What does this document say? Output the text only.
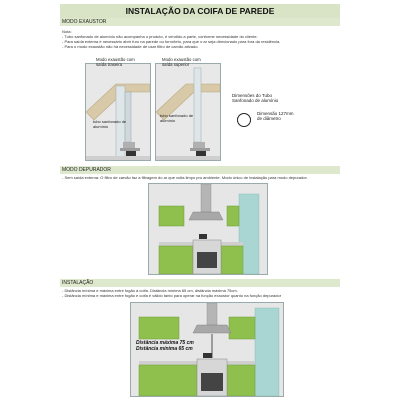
INSTALAÇÃO DA COIFA DE PAREDE
MODO EXAUSTOR
Nota:
- Tubo sanfonado de alumínio não acompanha o produto, é vendido a parte, conforme necessidade do cliente.
- Para saída externa é necessário abrir furo na parede ou forro/teto, para que o ar seja direcionado para fora da residência.
- Para o modo exaustão não há necessidade de usar filtro de carvão ativado.
Modo exaustão com saída traseira
tubo sanfonado de alumínio
Modo exaustão com saída superior
tubo sanfonado de alumínio
Dimensões do Tubo Sanfonado de alumínio
Dimensão 127mm de diâmetro
MODO DEPURADOR
- Sem saída externa: O filtro de carvão faz a filtragem do ar que volta limpo pro ambiente. Modo único de instalação para modo depurador.
INSTALAÇÃO
- Distância mínima e máxima entre fogão à coifa. Distância mínima 65 cm, distância máxima 75cm.
- Distância mínima e máxima entre fogão e coifa é válido tanto para operar na função exaustor quanto na função depurador
Distância máxima 75 cm
Distância mínima 65 cm
